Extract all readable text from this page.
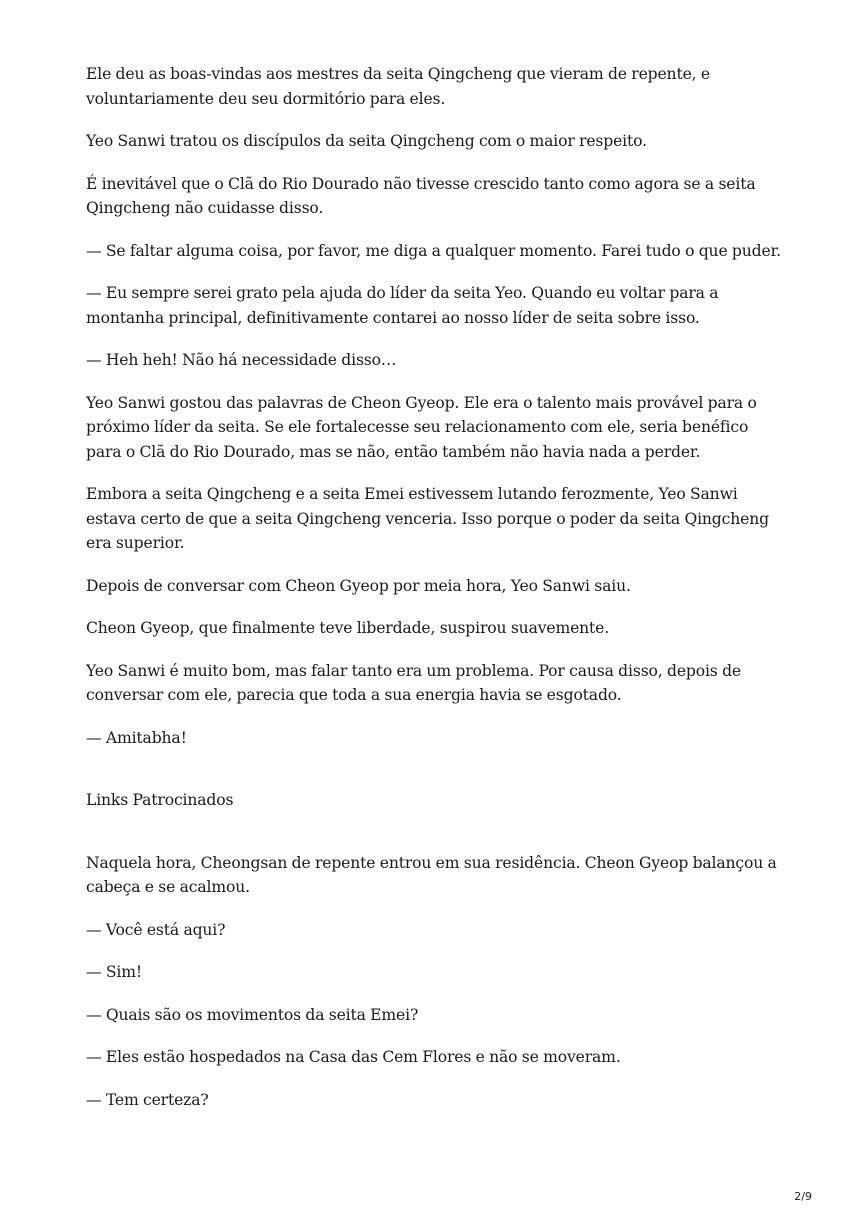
Ele deu as boas-vindas aos mestres da seita Qingcheng que vieram de repente, e voluntariamente deu seu dormitório para eles.

Yeo Sanwi tratou os discípulos da seita Qingcheng com o maior respeito.

É inevitável que o Clã do Rio Dourado não tivesse crescido tanto como agora se a seita Qingcheng não cuidasse disso.

— Se faltar alguma coisa, por favor, me diga a qualquer momento. Farei tudo o que puder.

— Eu sempre serei grato pela ajuda do líder da seita Yeo. Quando eu voltar para a montanha principal, definitivamente contarei ao nosso líder de seita sobre isso.

— Heh heh! Não há necessidade disso…

Yeo Sanwi gostou das palavras de Cheon Gyeop. Ele era o talento mais provável para o próximo líder da seita. Se ele fortalecesse seu relacionamento com ele, seria benéfico para o Clã do Rio Dourado, mas se não, então também não havia nada a perder.

Embora a seita Qingcheng e a seita Emei estivessem lutando ferozmente, Yeo Sanwi estava certo de que a seita Qingcheng venceria. Isso porque o poder da seita Qingcheng era superior.

Depois de conversar com Cheon Gyeop por meia hora, Yeo Sanwi saiu.

Cheon Gyeop, que finalmente teve liberdade, suspirou suavemente.

Yeo Sanwi é muito bom, mas falar tanto era um problema. Por causa disso, depois de conversar com ele, parecia que toda a sua energia havia se esgotado.

— Amitabha!

Links Patrocinados

Naquela hora, Cheongsan de repente entrou em sua residência. Cheon Gyeop balançou a cabeça e se acalmou.

— Você está aqui?

— Sim!

— Quais são os movimentos da seita Emei?

— Eles estão hospedados na Casa das Cem Flores e não se moveram.

— Tem certeza?

2/9
